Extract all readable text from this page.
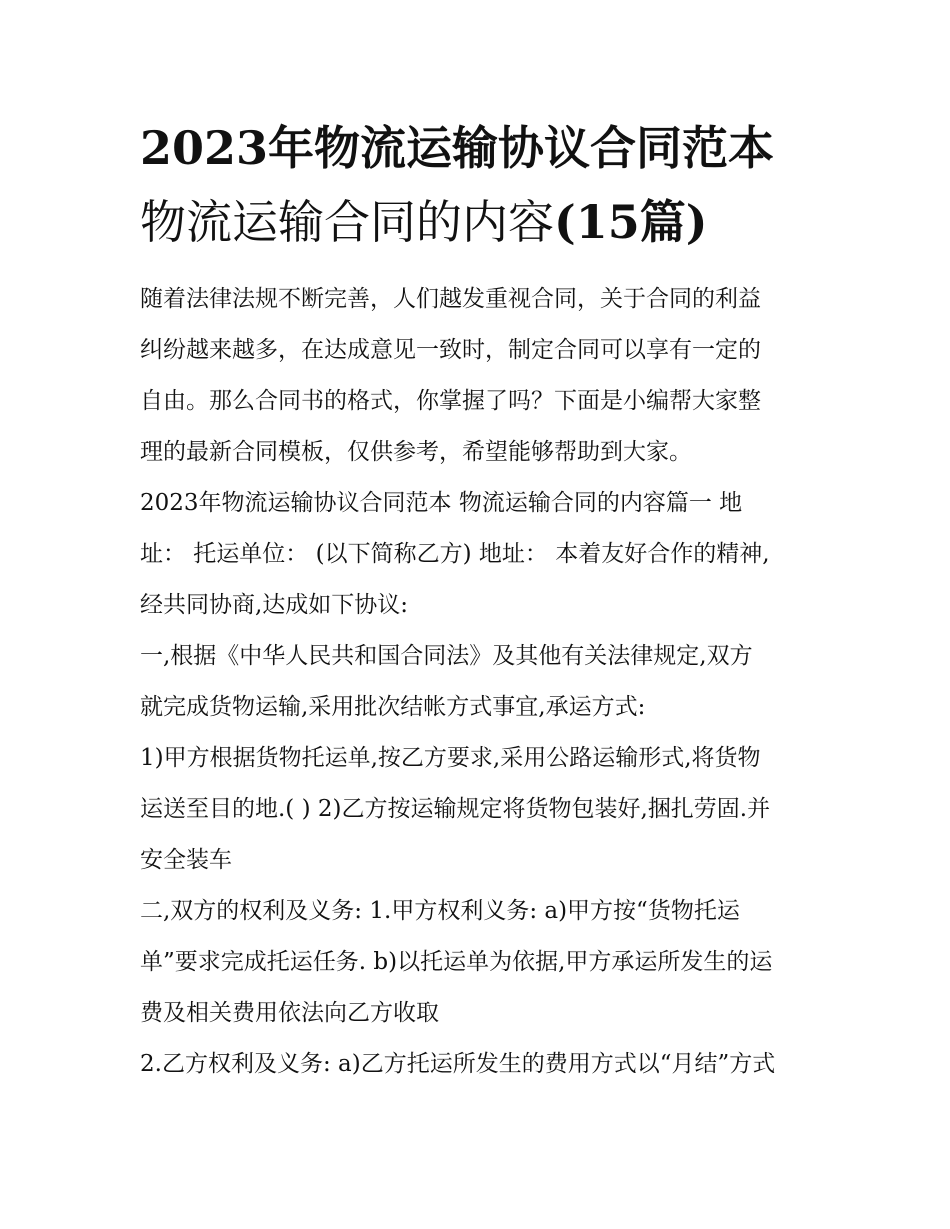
2023年物流运输协议合同范本
物流运输合同的内容(15篇)

随着法律法规不断完善，人们越发重视合同，关于合同的利益

纠纷越来越多，在达成意见一致时，制定合同可以享有一定的

自由。那么合同书的格式，你掌握了吗？下面是小编帮大家整

理的最新合同模板，仅供参考，希望能够帮助到大家。

2023年物流运输协议合同范本 物流运输合同的内容篇一 地

址： 托运单位： (以下简称乙方) 地址： 本着友好合作的精神,

经共同协商,达成如下协议:

一,根据《中华人民共和国合同法》及其他有关法律规定,双方

就完成货物运输,采用批次结帐方式事宜,承运方式:

1)甲方根据货物托运单,按乙方要求,采用公路运输形式,将货物

运送至目的地.( ) 2)乙方按运输规定将货物包装好,捆扎劳固.并

安全装车

二,双方的权利及义务: 1.甲方权利义务: a)甲方按“货物托运

单”要求完成托运任务. b)以托运单为依据,甲方承运所发生的运

费及相关费用依法向乙方收取

2.乙方权利及义务: a)乙方托运所发生的费用方式以“月结”方式
